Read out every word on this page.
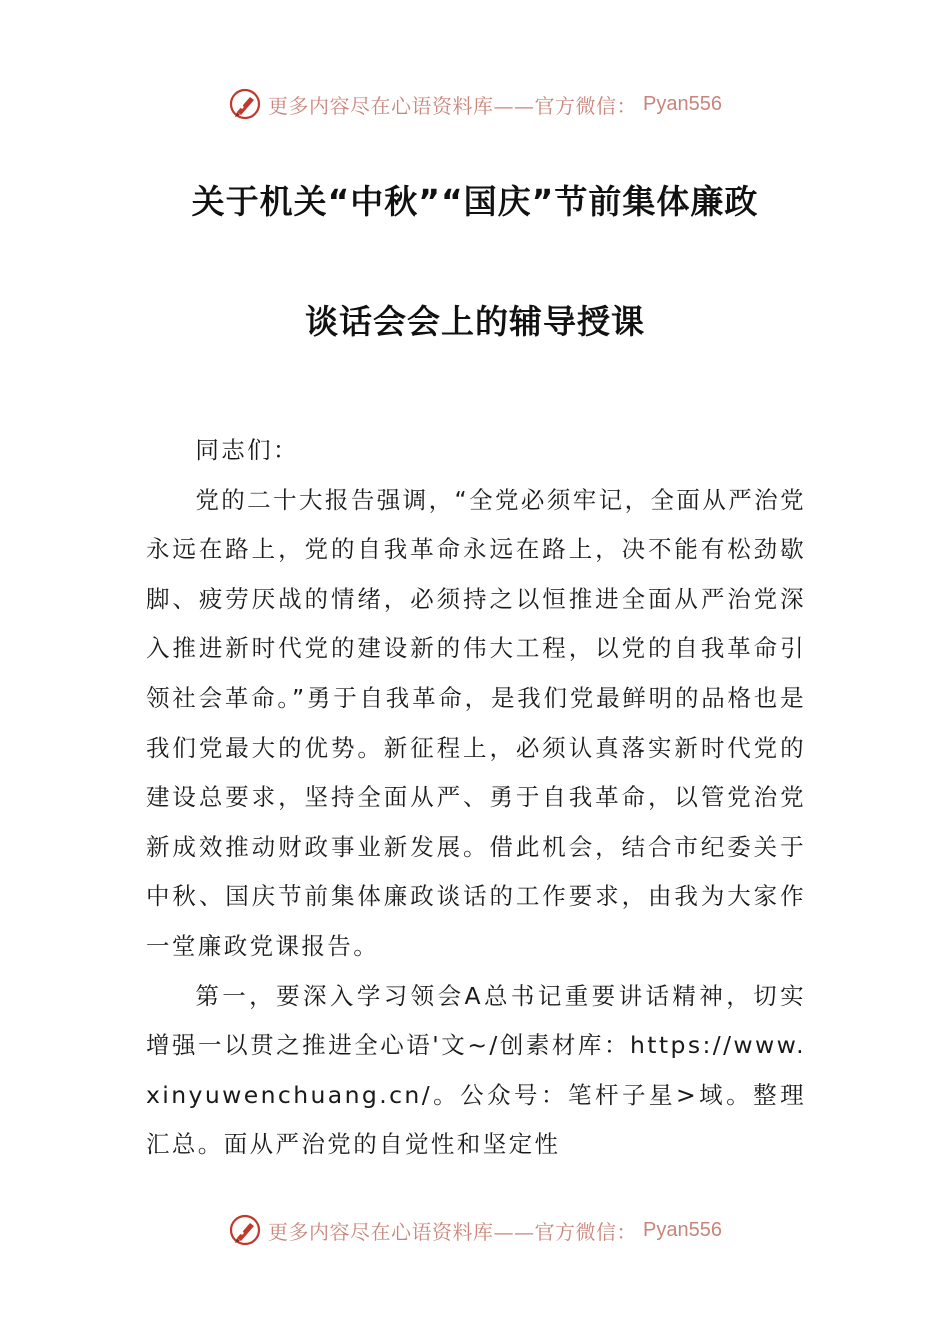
更多内容尽在心语资料库——官方微信： Pyan556
关于机关“中秋”“国庆”节前集体廉政
谈话会会上的辅导授课

同志们：

党的二十大报告强调，“全党必须牢记，全面从严治党永远在路上，党的自我革命永远在路上，决不能有松劲歇脚、疲劳厌战的情绪，必须持之以恒推进全面从严治党深入推进新时代党的建设新的伟大工程，以党的自我革命引领社会革命。”勇于自我革命，是我们党最鲜明的品格也是我们党最大的优势。新征程上，必须认真落实新时代党的建设总要求，坚持全面从严、勇于自我革命，以管党治党新成效推动财政事业新发展。借此机会，结合市纪委关于中秋、国庆节前集体廉政谈话的工作要求，由我为大家作一堂廉政党课报告。

第一，要深入学习领会A总书记重要讲话精神，切实增强一以贯之推进全心语'文~/创素材库：https://www.xinyuwenchuang.cn/。公众号：笔杆子星>域。整理汇总。面从严治党的自觉性和坚定性

更多内容尽在心语资料库——官方微信： Pyan556
